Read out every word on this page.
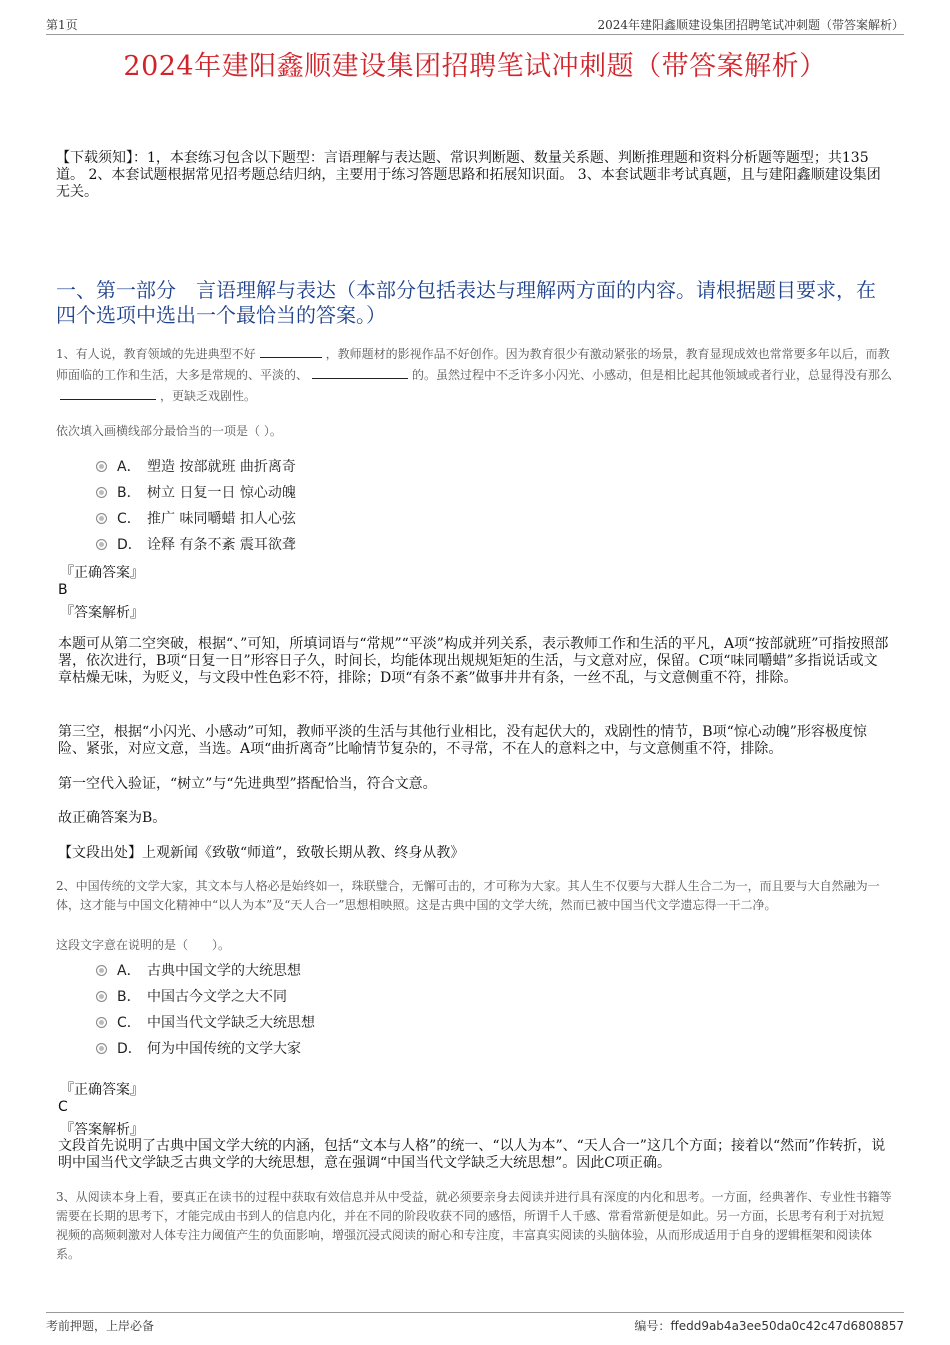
第1页	2024年建阳鑫顺建设集团招聘笔试冲刺题（带答案解析）
2024年建阳鑫顺建设集团招聘笔试冲刺题（带答案解析）
【下载须知】：1，本套练习包含以下题型：言语理解与表达题、常识判断题、数量关系题、判断推理题和资料分析题等题型；共135道。 2、本套试题根据常见招考题总结归纳，主要用于练习答题思路和拓展知识面。 3、本套试题非考试真题，且与建阳鑫顺建设集团无关。
一、第一部分　言语理解与表达（本部分包括表达与理解两方面的内容。请根据题目要求，在四个选项中选出一个最恰当的答案。）
1、有人说，教育领域的先进典型不好	，教师题材的影视作品不好创作。因为教育很少有激动紧张的场景，教育显现成效也常常要多年以后，而教师面临的工作和生活，大多是常规的、平淡的、	的。虽然过程中不乏许多小闪光、小感动，但是相比起其他领域或者行业，总显得没有那么，更缺乏戏剧性。
依次填入画横线部分最恰当的一项是（ ）。
A． 塑造 按部就班 曲折离奇
B． 树立 日复一日 惊心动魄
C． 推广 味同嚼蜡 扣人心弦
D． 诠释 有条不紊 震耳欲聋
『正确答案』
B
『答案解析』
本题可从第二空突破，根据“、”可知，所填词语与“常规”“平淡”构成并列关系，表示教师工作和生活的平凡，A项“按部就班”可指按照部署，依次进行，B项“日复一日”形容日子久，时间长，均能体现出规规矩矩的生活，与文意对应，保留。C项“味同嚼蜡”多指说话或文章枯燥无味，为贬义，与文段中性色彩不符，排除；D项“有条不紊”做事井井有条，一丝不乱，与文意侧重不符，排除。
第三空，根据“小闪光、小感动”可知，教师平淡的生活与其他行业相比，没有起伏大的，戏剧性的情节，B项“惊心动魄”形容极度惊险、紧张，对应文意，当选。A项“曲折离奇”比喻情节复杂的，不寻常，不在人的意料之中，与文意侧重不符，排除。
第一空代入验证，“树立”与“先进典型”搭配恰当，符合文意。
故正确答案为B。
【文段出处】上观新闻《致敬“师道”，致敬长期从教、终身从教》
2、中国传统的文学大家，其文本与人格必是始终如一，珠联璧合，无懈可击的，才可称为大家。其人生不仅要与大群人生合二为一，而且要与大自然融为一体，这才能与中国文化精神中“以人为本”及“天人合一”思想相映照。这是古典中国的文学大统，然而已被中国当代文学遗忘得一干二净。
这段文字意在说明的是（　　）。
A． 古典中国文学的大统思想
B． 中国古今文学之大不同
C． 中国当代文学缺乏大统思想
D． 何为中国传统的文学大家
『正确答案』
C
『答案解析』
文段首先说明了古典中国文学大统的内涵，包括“文本与人格”的统一、“以人为本”、“天人合一”这几个方面；接着以“然而”作转折，说明中国当代文学缺乏古典文学的大统思想，意在强调“中国当代文学缺乏大统思想”。因此C项正确。
3、从阅读本身上看，要真正在读书的过程中获取有效信息并从中受益，就必须要亲身去阅读并进行具有深度的内化和思考。一方面，经典著作、专业性书籍等需要在长期的思考下，才能完成由书到人的信息内化，并在不同的阶段收获不同的感悟，所谓千人千感、常看常新便是如此。另一方面，长思考有利于对抗短视频的高频刺激对人体专注力阈值产生的负面影响，增强沉浸式阅读的耐心和专注度，丰富真实阅读的头脑体验，从而形成适用于自身的逻辑框架和阅读体系。
考前押题，上岸必备	编号：ffedd9ab4a3ee50da0c42c47d6808857
